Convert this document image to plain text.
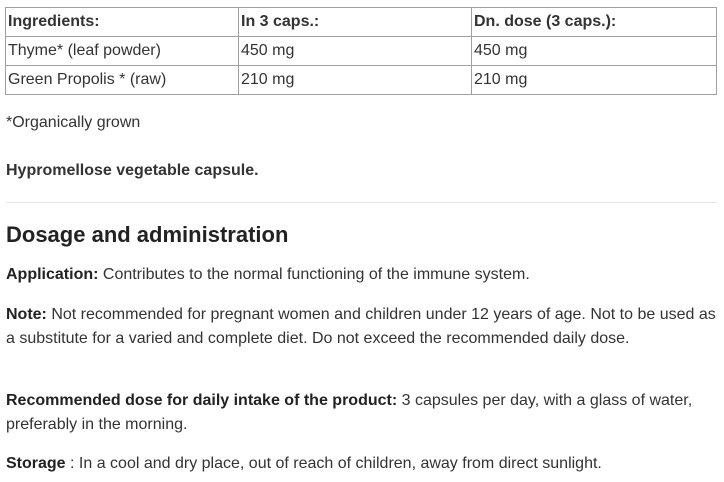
Ingredients:	In 3 caps.:	Dn. dose (3 caps.):
Thyme* (leaf powder)	450 mg	450 mg
Green Propolis * (raw)	210 mg	210 mg
*Organically grown
Hypromellose vegetable capsule.
Dosage and administration

Application: Contributes to the normal functioning of the immune system.

Note: Not recommended for pregnant women and children under 12 years of age. Not to be used as a substitute for a varied and complete diet. Do not exceed the recommended daily dose.

Recommended dose for daily intake of the product: 3 capsules per day, with a glass of water, preferably in the morning.

Storage : In a cool and dry place, out of reach of children, away from direct sunlight.
